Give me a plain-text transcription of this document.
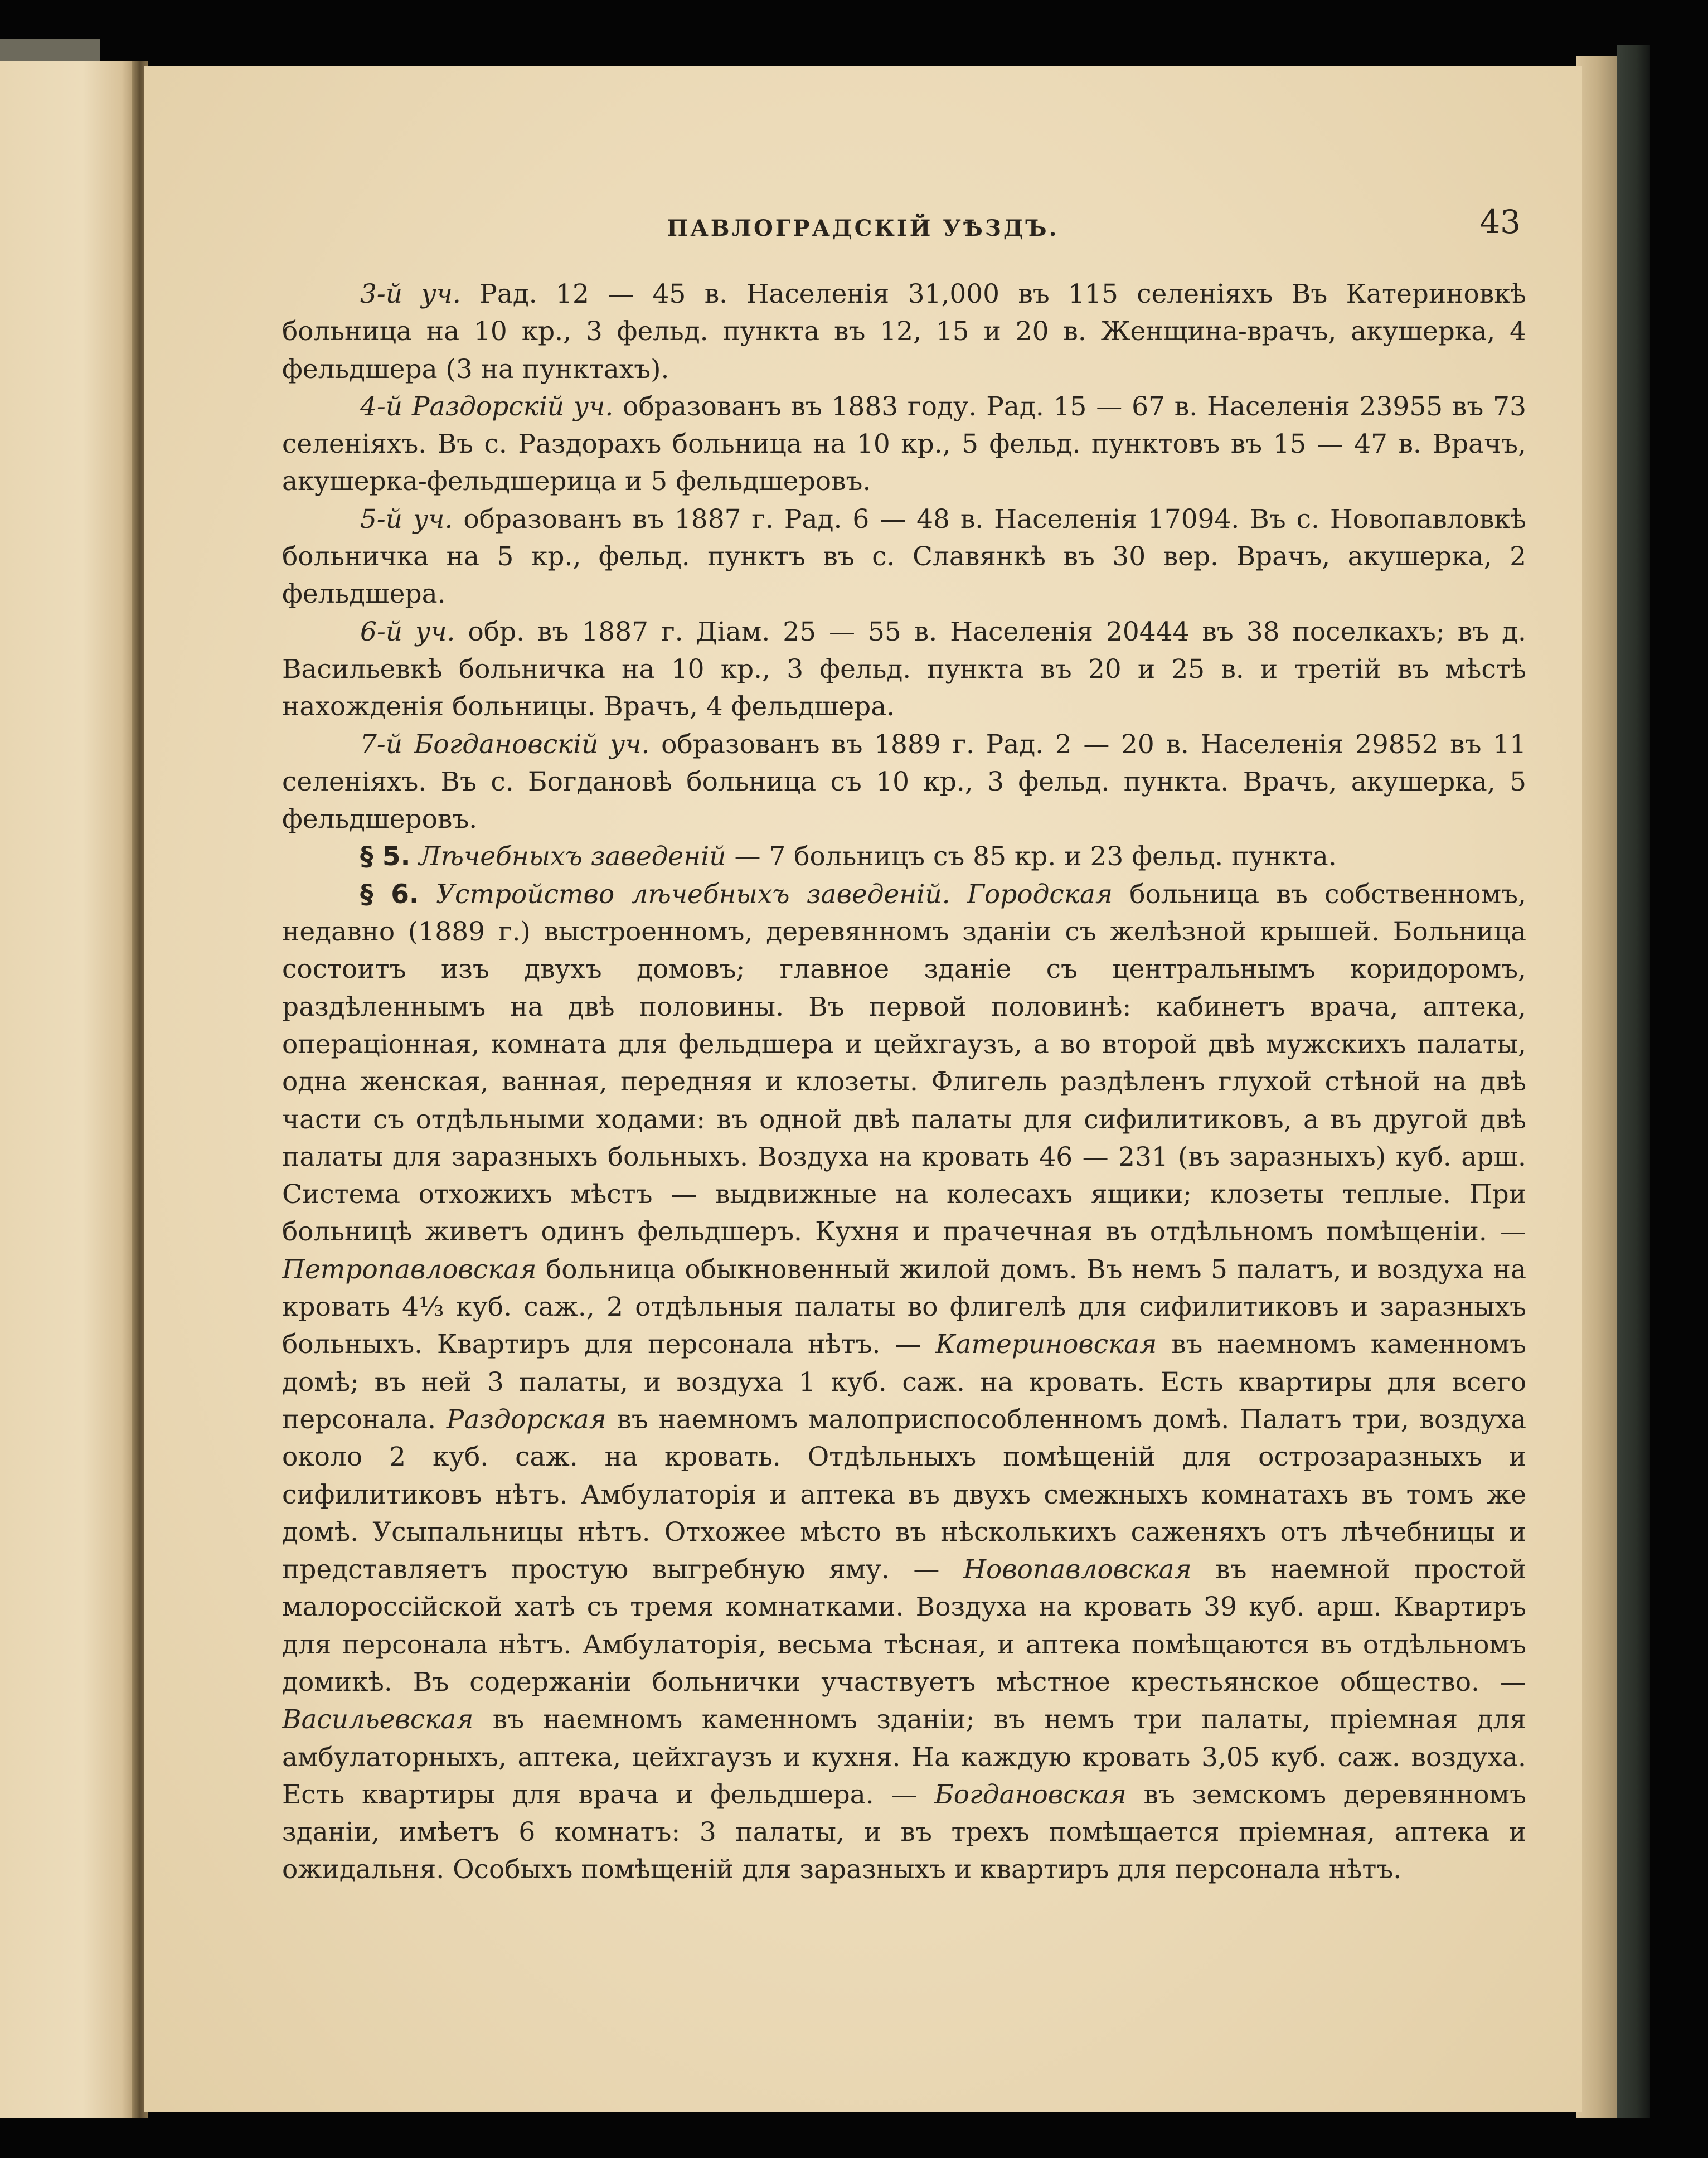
ПАВЛОГРАДСКІЙ УѢЗДЪ.	43

3-й уч. Рад. 12 — 45 в. Населенія 31,000 въ 115 селеніяхъ Въ Катериновкѣ больница на 10 кр., 3 фельд. пункта въ 12, 15 и 20 в. Женщина-врачъ, акушерка, 4 фельдшера (3 на пунктахъ).

4-й Раздорскій уч. образованъ въ 1883 году. Рад. 15 — 67 в. Населенія 23955 въ 73 селеніяхъ. Въ с. Раздорахъ больница на 10 кр., 5 фельд. пунктовъ въ 15 — 47 в. Врачъ, акушерка-фельдшерица и 5 фельдшеровъ.

5-й уч. образованъ въ 1887 г. Рад. 6 — 48 в. Населенія 17094. Въ с. Новопавловкѣ больничка на 5 кр., фельд. пунктъ въ с. Славянкѣ въ 30 вер. Врачъ, акушерка, 2 фельдшера.

6-й уч. обр. въ 1887 г. Діам. 25 — 55 в. Населенія 20444 въ 38 поселкахъ; въ д. Васильевкѣ больничка на 10 кр., 3 фельд. пункта въ 20 и 25 в. и третій въ мѣстѣ нахожденія больницы. Врачъ, 4 фельдшера.

7-й Богдановскій уч. образованъ въ 1889 г. Рад. 2 — 20 в. Населенія 29852 въ 11 селеніяхъ. Въ с. Богдановѣ больница съ 10 кр., 3 фельд. пункта. Врачъ, акушерка, 5 фельдшеровъ.

§ 5. Лѣчебныхъ заведеній — 7 больницъ съ 85 кр. и 23 фельд. пункта.

§ 6. Устройство лѣчебныхъ заведеній. Городская больница въ собственномъ, недавно (1889 г.) выстроенномъ, деревянномъ зданіи съ желѣзной крышей. Больница состоитъ изъ двухъ домовъ; главное зданіе съ центральнымъ коридоромъ, раздѣленнымъ на двѣ половины. Въ первой половинѣ: кабинетъ врача, аптека, операціонная, комната для фельдшера и цейхгаузъ, а во второй двѣ мужскихъ палаты, одна женская, ванная, передняя и клозеты. Флигель раздѣленъ глухой стѣной на двѣ части съ отдѣльными ходами: въ одной двѣ палаты для сифилитиковъ, а въ другой двѣ палаты для заразныхъ больныхъ. Воздуха на кровать 46 — 231 (въ заразныхъ) куб. арш. Система отхожихъ мѣстъ — выдвижные на колесахъ ящики; клозеты теплые. При больницѣ живетъ одинъ фельдшеръ. Кухня и прачечная въ отдѣльномъ помѣщеніи. — Петропавловская больница обыкновенный жилой домъ. Въ немъ 5 палатъ, и воздуха на кровать 4⅓ куб. саж., 2 отдѣльныя палаты во флигелѣ для сифилитиковъ и заразныхъ больныхъ. Квартиръ для персонала нѣтъ. — Катериновская въ наемномъ каменномъ домѣ; въ ней 3 палаты, и воздуха 1 куб. саж. на кровать. Есть квартиры для всего персонала. Раздорская въ наемномъ малоприспособленномъ домѣ. Палатъ три, воздуха около 2 куб. саж. на кровать. Отдѣльныхъ помѣщеній для острозаразныхъ и сифилитиковъ нѣтъ. Амбулаторія и аптека въ двухъ смежныхъ комнатахъ въ томъ же домѣ. Усыпальницы нѣтъ. Отхожее мѣсто въ нѣсколькихъ саженяхъ отъ лѣчебницы и представляетъ простую выгребную яму. — Новопавловская въ наемной простой малороссійской хатѣ съ тремя комнатками. Воздуха на кровать 39 куб. арш. Квартиръ для персонала нѣтъ. Амбулаторія, весьма тѣсная, и аптека помѣщаются въ отдѣльномъ домикѣ. Въ содержаніи больнички участвуетъ мѣстное крестьянское общество. — Васильевская въ наемномъ каменномъ зданіи; въ немъ три палаты, пріемная для амбулаторныхъ, аптека, цейхгаузъ и кухня. На каждую кровать 3,05 куб. саж. воздуха. Есть квартиры для врача и фельдшера. — Богдановская въ земскомъ деревянномъ зданіи, имѣетъ 6 комнатъ: 3 палаты, и въ трехъ помѣщается пріемная, аптека и ожидальня. Особыхъ помѣщеній для заразныхъ и квартиръ для персонала нѣтъ.
